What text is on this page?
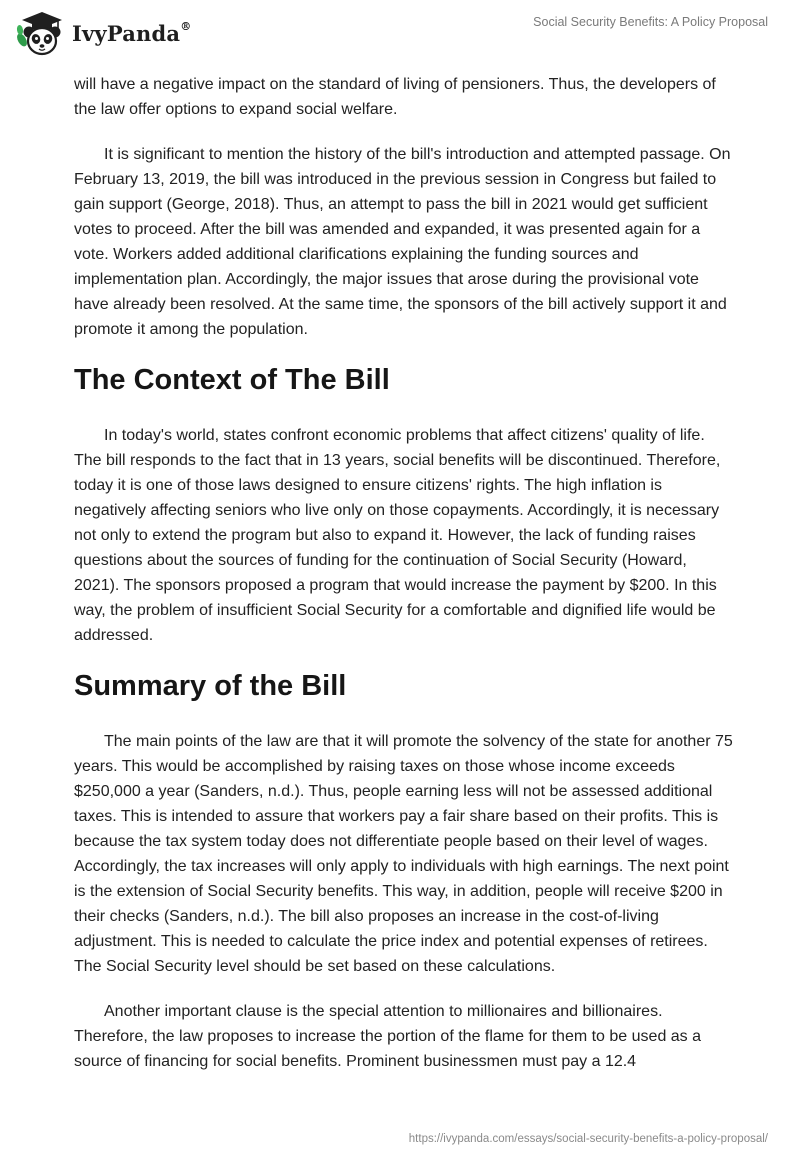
IvyPanda®	Social Security Benefits: A Policy Proposal

will have a negative impact on the standard of living of pensioners. Thus, the developers of the law offer options to expand social welfare.

It is significant to mention the history of the bill's introduction and attempted passage. On February 13, 2019, the bill was introduced in the previous session in Congress but failed to gain support (George, 2018). Thus, an attempt to pass the bill in 2021 would get sufficient votes to proceed. After the bill was amended and expanded, it was presented again for a vote. Workers added additional clarifications explaining the funding sources and implementation plan. Accordingly, the major issues that arose during the provisional vote have already been resolved. At the same time, the sponsors of the bill actively support it and promote it among the population.

The Context of The Bill

In today's world, states confront economic problems that affect citizens' quality of life. The bill responds to the fact that in 13 years, social benefits will be discontinued. Therefore, today it is one of those laws designed to ensure citizens' rights. The high inflation is negatively affecting seniors who live only on those copayments. Accordingly, it is necessary not only to extend the program but also to expand it. However, the lack of funding raises questions about the sources of funding for the continuation of Social Security (Howard, 2021). The sponsors proposed a program that would increase the payment by $200. In this way, the problem of insufficient Social Security for a comfortable and dignified life would be addressed.

Summary of the Bill

The main points of the law are that it will promote the solvency of the state for another 75 years. This would be accomplished by raising taxes on those whose income exceeds $250,000 a year (Sanders, n.d.). Thus, people earning less will not be assessed additional taxes. This is intended to assure that workers pay a fair share based on their profits. This is because the tax system today does not differentiate people based on their level of wages. Accordingly, the tax increases will only apply to individuals with high earnings. The next point is the extension of Social Security benefits. This way, in addition, people will receive $200 in their checks (Sanders, n.d.). The bill also proposes an increase in the cost-of-living adjustment. This is needed to calculate the price index and potential expenses of retirees. The Social Security level should be set based on these calculations.

Another important clause is the special attention to millionaires and billionaires. Therefore, the law proposes to increase the portion of the flame for them to be used as a source of financing for social benefits. Prominent businessmen must pay a 12.4

https://ivypanda.com/essays/social-security-benefits-a-policy-proposal/
